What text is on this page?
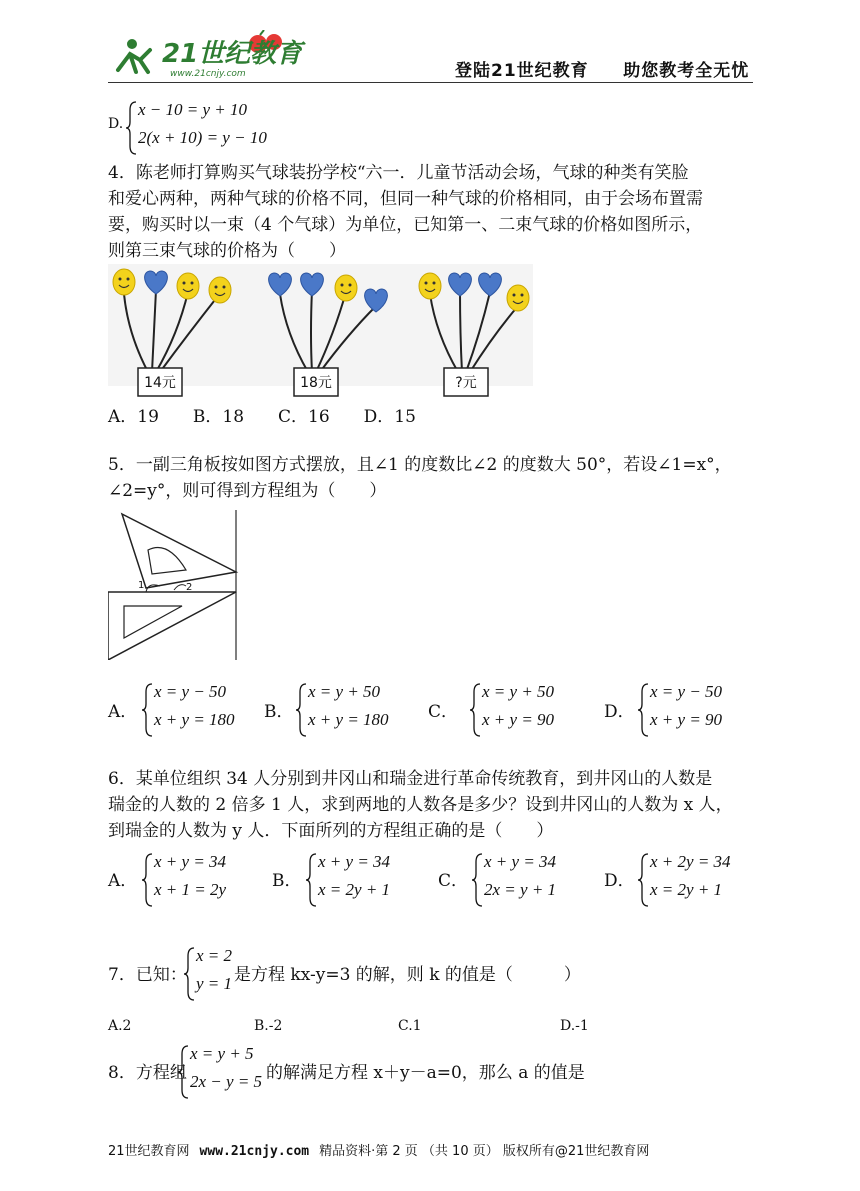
21世纪教育
www.21cnjy.com	登陆21世纪教育     助您教考全无忧
D.
x − 10 = y + 10
2(x + 10) = y − 10
4．陈老师打算购买气球装扮学校“六一．儿童节活动会场，气球的种类有笑脸
和爱心两种，两种气球的价格不同，但同一种气球的价格相同，由于会场布置需
要，购买时以一束（4 个气球）为单位，已知第一、二束气球的价格如图所示，
则第三束气球的价格为（　　）
14元	18元	?元
A．19　　B．18　　C．16　　D．15
5．一副三角板按如图方式摆放，且∠1 的度数比∠2 的度数大 50°，若设∠1=x°，
∠2=y°，则可得到方程组为（　　）
1	2
A．
x = y − 50
x + y = 180 B．
x = y + 50
x + y = 180 C．
x = y + 50
x + y = 90	D．
x = y − 50
x + y = 90
6．某单位组织 34 人分别到井冈山和瑞金进行革命传统教育，到井冈山的人数是
瑞金的人数的 2 倍多 1 人，求到两地的人数各是多少？设到井冈山的人数为 x 人，
到瑞金的人数为 y 人．下面所列的方程组正确的是（　　）
A．
x + y = 34
x + 1 = 2y	B．
x + y = 34
x = 2y + 1	C．
x + y = 34
2x = y + 1	D．
x + 2y = 34
x = 2y + 1
7．已知：
x = 2
y = 1 是方程 kx-y=3 的解，则 k 的值是（　　　）
A.2	B.-2	C.1	D.-1
8．方程组
x = y + 5
2x − y = 5 的解满足方程 x＋y－a=0，那么 a 的值是
21世纪教育网 www.21cnjy.com 精品资料·第 2 页 （共 10 页） 版权所有@21世纪教育网
